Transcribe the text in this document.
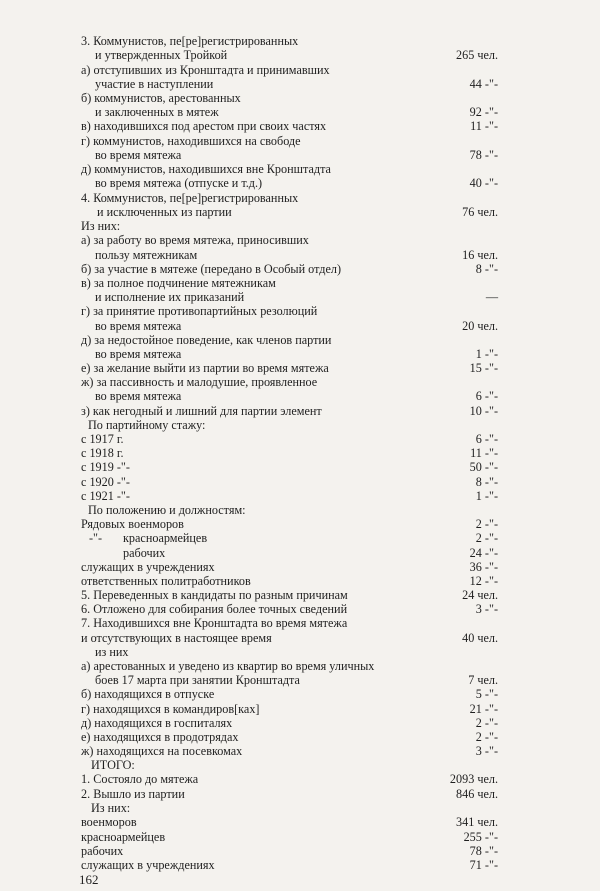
3. Коммунистов, пе[ре]регистрированных
и утвержденных Тройкой	265 чел.
а) отступивших из Кронштадта и принимавших
участие в наступлении	44 -"-
б) коммунистов, арестованных
и заключенных в мятеж	92 -"-
в) находившихся под арестом при своих частях	11 -"-
г) коммунистов, находившихся на свободе
во время мятежа	78 -"-
д) коммунистов, находившихся вне Кронштадта
во время мятежа (отпуске и т.д.)	40 -"-
4. Коммунистов, пе[ре]регистрированных
и исключенных из партии	76 чел.
Из них:
а) за работу во время мятежа, приносивших
пользу мятежникам	16 чел.
б) за участие в мятеже (передано в Особый отдел)	8 -"-
в) за полное подчинение мятежникам
и исполнение их приказаний	—
г) за принятие противопартийных резолюций
во время мятежа	20 чел.
д) за недостойное поведение, как членов партии
во время мятежа	1 -"-
е) за желание выйти из партии во время мятежа	15 -"-
ж) за пассивность и малодушие, проявленное
во время мятежа	6 -"-
з) как негодный и лишний для партии элемент	10 -"-
По партийному стажу:
с 1917 г.	6 -"-
с 1918 г.	11 -"-
с 1919 -"-	50 -"-
с 1920 -"-	8 -"-
с 1921 -"-	1 -"-
По положению и должностям:
Рядовых военморов	2 -"-
-"- красноармейцев	2 -"-
рабочих	24 -"-
служащих в учреждениях	36 -"-
ответственных политработников	12 -"-
5. Переведенных в кандидаты по разным причинам	24 чел.
6. Отложено для собирания более точных сведений	3 -"-
7. Находившихся вне Кронштадта во время мятежа
и отсутствующих в настоящее время	40 чел.
из них
а) арестованных и уведено из квартир во время уличных
боев 17 марта при занятии Кронштадта	7 чел.
б) находящихся в отпуске	5 -"-
г) находящихся в командиров[ках]	21 -"-
д) находящихся в госпиталях	2 -"-
е) находящихся в продотрядах	2 -"-
ж) находящихся на посевкомах	3 -"-
ИТОГО:
1. Состояло до мятежа	2093 чел.
2. Вышло из партии	846 чел.
Из них:
военморов	341 чел.
красноармейцев	255 -"-
рабочих	78 -"-
служащих в учреждениях	71 -"-
162
